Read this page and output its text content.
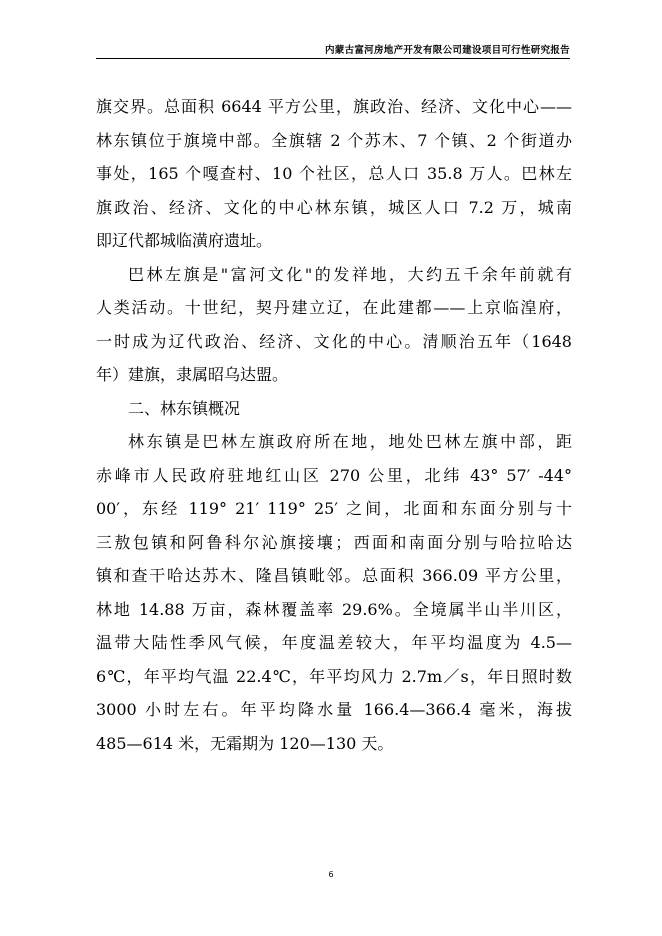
内蒙古富河房地产开发有限公司建设项目可行性研究报告
旗交界。总面积 6644 平方公里，旗政治、经济、文化中心——
林东镇位于旗境中部。全旗辖 2 个苏木、7 个镇、2 个街道办
事处，165 个嘎查村、10 个社区，总人口 35.8 万人。巴林左
旗政治、经济、文化的中心林东镇，城区人口 7.2 万，城南
即辽代都城临潢府遗址。
巴林左旗是"富河文化"的发祥地，大约五千余年前就有
人类活动。十世纪，契丹建立辽，在此建都——上京临湟府，
一时成为辽代政治、经济、文化的中心。清顺治五年（1648
年）建旗，隶属昭乌达盟。
二、林东镇概况
林东镇是巴林左旗政府所在地，地处巴林左旗中部，距
赤峰市人民政府驻地红山区 270 公里，北纬 43° 57′ -44°
00′，东经 119° 21′ 119° 25′ 之间，北面和东面分别与十
三敖包镇和阿鲁科尔沁旗接壤；西面和南面分别与哈拉哈达
镇和查干哈达苏木、隆昌镇毗邻。总面积 366.09 平方公里，
林地 14.88 万亩，森林覆盖率 29.6%。全境属半山半川区，
温带大陆性季风气候，年度温差较大，年平均温度为 4.5—
6℃，年平均气温 22.4℃，年平均风力 2.7m／s，年日照时数
3000 小时左右。年平均降水量 166.4—366.4 毫米，海拔
485—614 米，无霜期为 120—130 天。
6
